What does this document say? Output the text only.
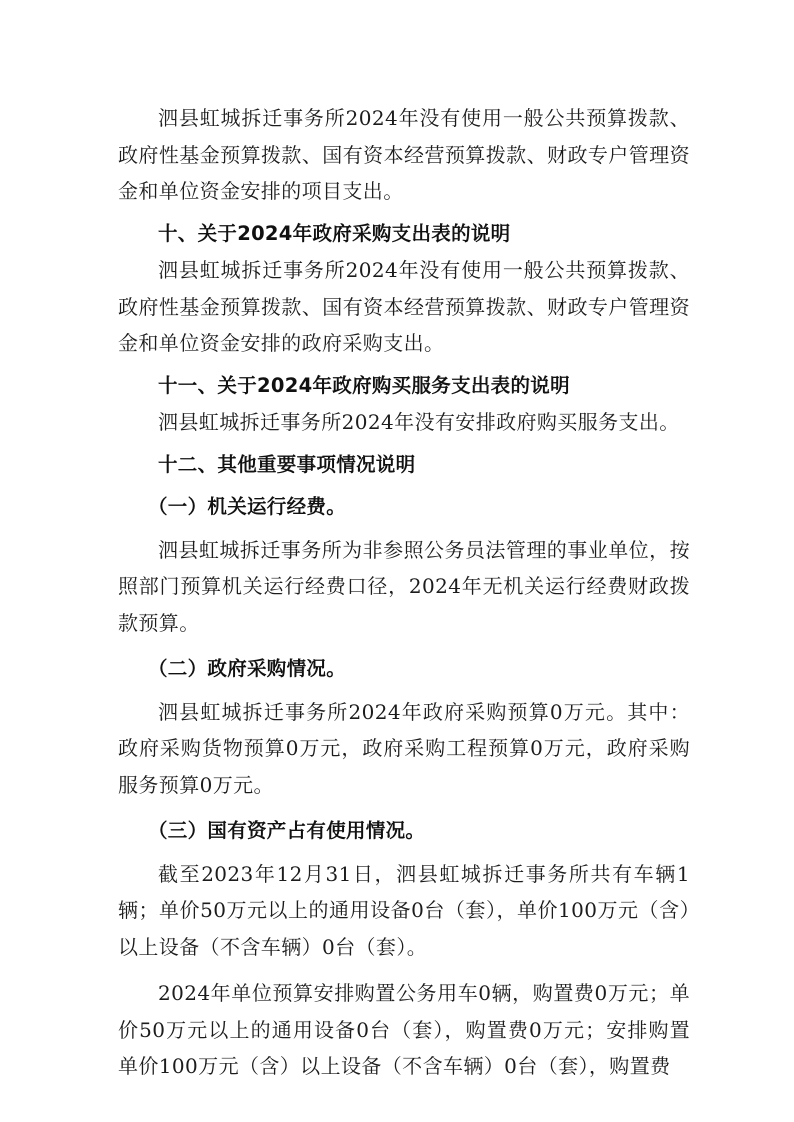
泗县虹城拆迁事务所2024年没有使用一般公共预算拨款、政府性基金预算拨款、国有资本经营预算拨款、财政专户管理资金和单位资金安排的项目支出。

十、关于2024年政府采购支出表的说明

泗县虹城拆迁事务所2024年没有使用一般公共预算拨款、政府性基金预算拨款、国有资本经营预算拨款、财政专户管理资金和单位资金安排的政府采购支出。

十一、关于2024年政府购买服务支出表的说明

泗县虹城拆迁事务所2024年没有安排政府购买服务支出。

十二、其他重要事项情况说明

（一）机关运行经费。

泗县虹城拆迁事务所为非参照公务员法管理的事业单位，按照部门预算机关运行经费口径，2024年无机关运行经费财政拨款预算。

（二）政府采购情况。

泗县虹城拆迁事务所2024年政府采购预算0万元。其中：政府采购货物预算0万元，政府采购工程预算0万元，政府采购服务预算0万元。

（三）国有资产占有使用情况。

截至2023年12月31日，泗县虹城拆迁事务所共有车辆1辆；单价50万元以上的通用设备0台（套），单价100万元（含）以上设备（不含车辆）0台（套）。

2024年单位预算安排购置公务用车0辆，购置费0万元；单价50万元以上的通用设备0台（套），购置费0万元；安排购置单价100万元（含）以上设备（不含车辆）0台（套），购置费
